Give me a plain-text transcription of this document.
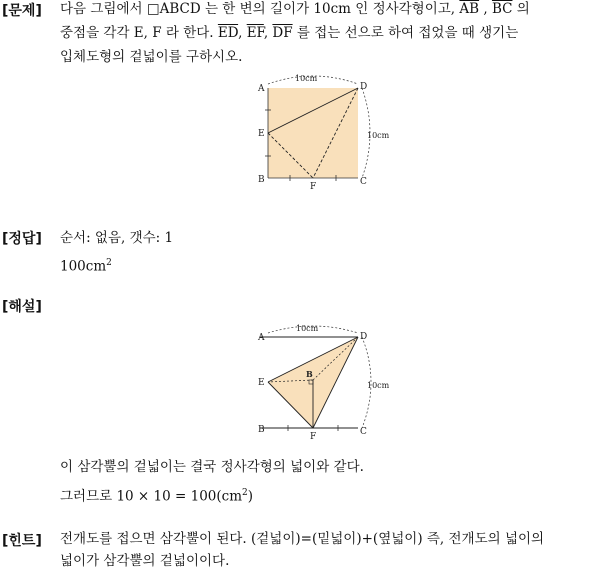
[문제] 다음 그림에서 □ABCD 는 한 변의 길이가 10cm 인 정사각형이고, $\overline{AB}$ , $\overline{BC}$ 의
중점을 각각 E, F 라 한다. $\overline{ED}$, $\overline{EF}$, $\overline{DF}$ 를 접는 선으로 하여 접었을 때 생기는
입체도형의 겉넓이를 구하시오.
10cm
10cm
A	D
E
B
F	C
[정답] 순서: 없음, 갯수: 1
$100cm^2$
[해설]
10cm
10cm
A	D
E
B
B
F	C
이 삼각뿔의 겉넓이는 결국 정사각형의 넓이와 같다.
그러므로 $10 \times 10 = 100(cm^2)$
[힌트] 전개도를 접으면 삼각뿔이 된다. (겉넓이)=(밑넓이)+(옆넓이) 즉, 전개도의 넓이의
넓이가 삼각뿔의 겉넓이이다.
